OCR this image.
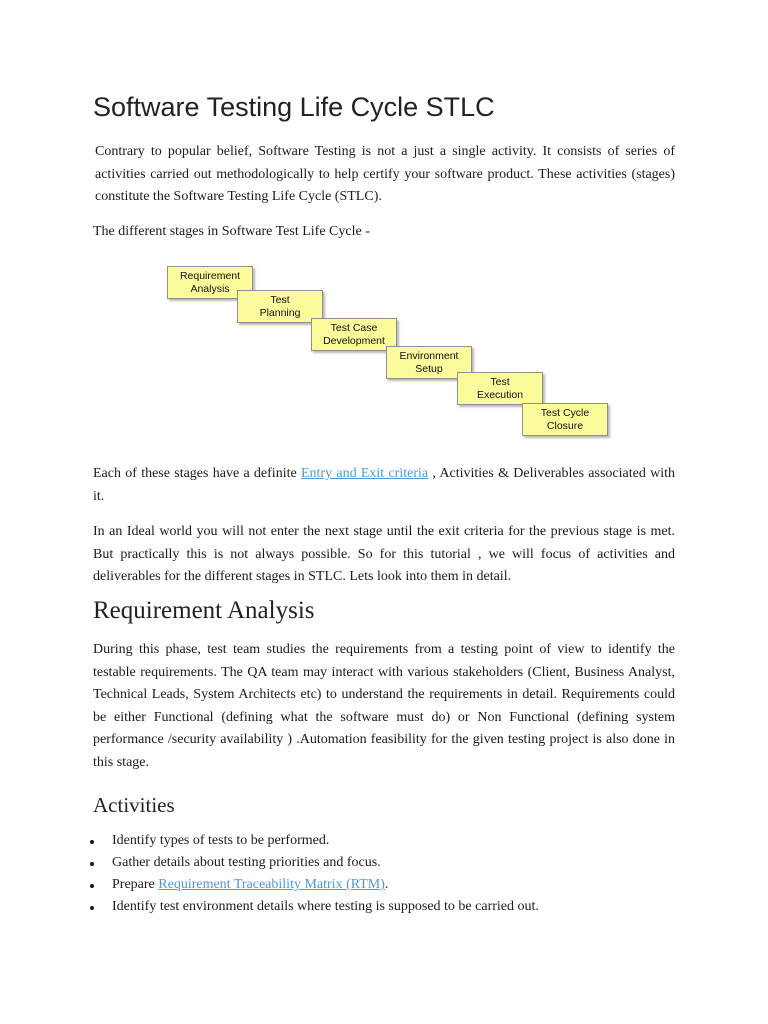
Software Testing Life Cycle STLC

Contrary to popular belief, Software Testing is not a just a single activity. It consists of series of activities carried out methodologically to help certify your software product. These activities (stages) constitute the Software Testing Life Cycle (STLC).

The different stages in Software Test Life Cycle -

Each of these stages have a definite Entry and Exit criteria , Activities & Deliverables associated with it.

In an Ideal world you will not enter the next stage until the exit criteria for the previous stage is met. But practically this is not always possible. So for this tutorial , we will focus of activities and deliverables for the different stages in STLC. Lets look into them in detail.

Requirement Analysis

During this phase, test team studies the requirements from a testing point of view to identify the testable requirements. The QA team may interact with various stakeholders (Client, Business Analyst, Technical Leads, System Architects etc) to understand the requirements in detail. Requirements could be either Functional (defining what the software must do) or Non Functional (defining system performance /security availability ) .Automation feasibility for the given testing project is also done in this stage.

Activities
Identify types of tests to be performed.
Gather details about testing priorities and focus.
Prepare Requirement Traceability Matrix (RTM).
Identify test environment details where testing is supposed to be carried out.
Requirement
Analysis
Test
Planning
Test Case
Development
Environment
Setup
Test
Execution
Test Cycle
Closure
